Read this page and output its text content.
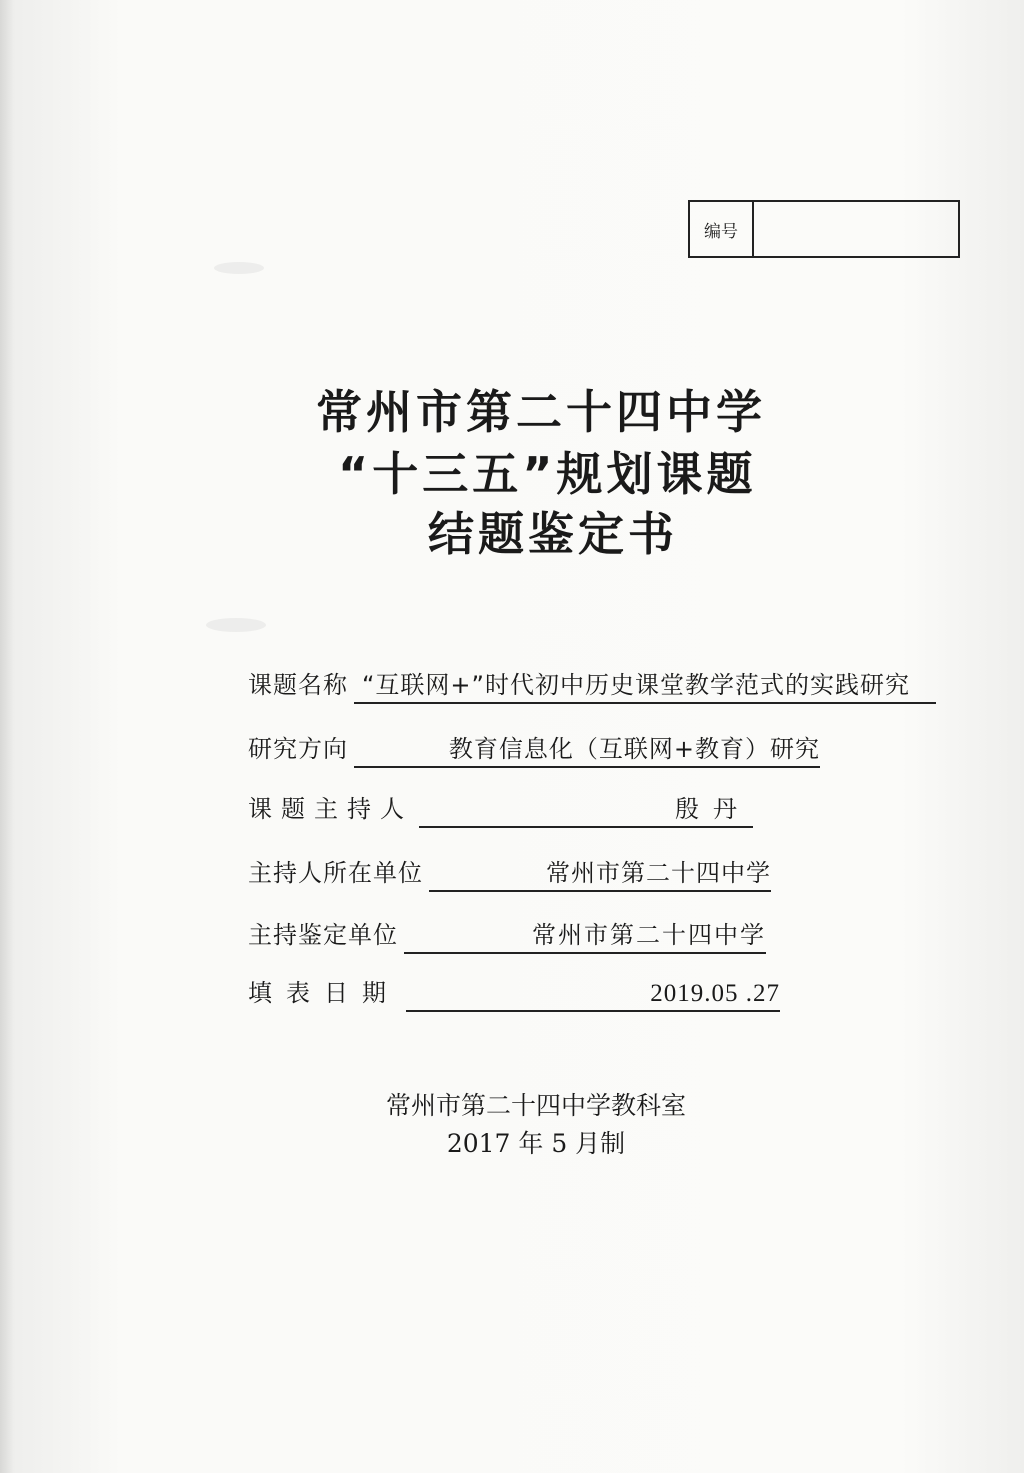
编号
常州市第二十四中学
“十三五”规划课题
结题鉴定书
课题名称 “互联网+”时代初中历史课堂教学范式的实践研究
研究方向	教育信息化（互联网+教育）研究
课题主持人	殷丹
主持人所在单位	常州市第二十四中学
主持鉴定单位	常州市第二十四中学
填表日期	2019.05 .27
常州市第二十四中学教科室
2017 年 5 月制
